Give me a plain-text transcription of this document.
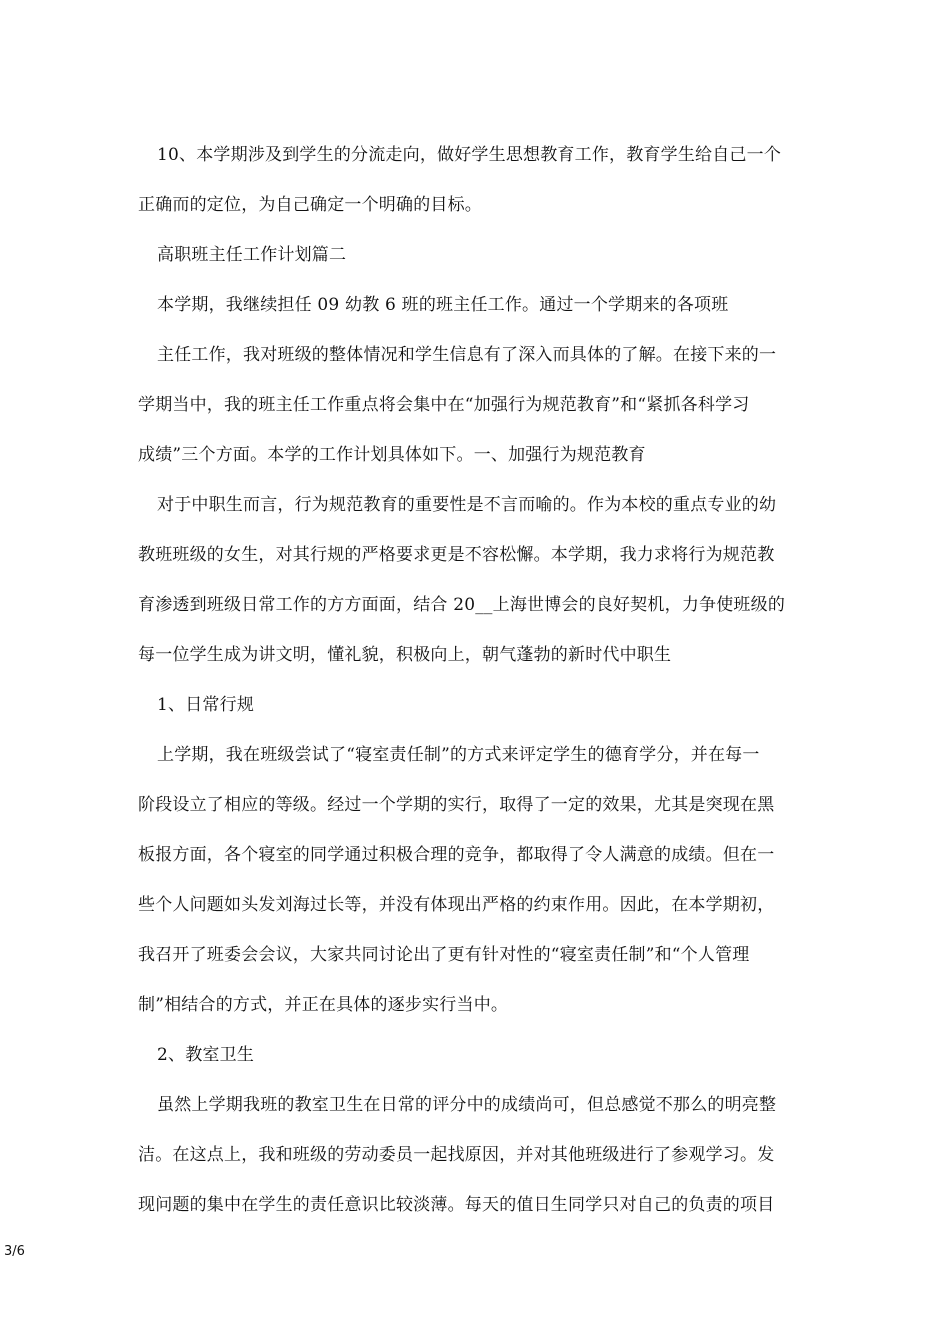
10、本学期涉及到学生的分流走向，做好学生思想教育工作，教育学生给自己一个
正确而的定位，为自己确定一个明确的目标。
高职班主任工作计划篇二
本学期，我继续担任 09 幼教 6 班的班主任工作。通过一个学期来的各项班
主任工作，我对班级的整体情况和学生信息有了深入而具体的了解。在接下来的一
学期当中，我的班主任工作重点将会集中在“加强行为规范教育”和“紧抓各科学习
成绩”三个方面。本学的工作计划具体如下。一、加强行为规范教育
对于中职生而言，行为规范教育的重要性是不言而喻的。作为本校的重点专业的幼
教班班级的女生，对其行规的严格要求更是不容松懈。本学期，我力求将行为规范教
育渗透到班级日常工作的方方面面，结合 20__上海世博会的良好契机，力争使班级的
每一位学生成为讲文明，懂礼貌，积极向上，朝气蓬勃的新时代中职生
1、日常行规
上学期，我在班级尝试了“寝室责任制”的方式来评定学生的德育学分，并在每一
阶段设立了相应的等级。经过一个学期的实行，取得了一定的效果，尤其是突现在黑
板报方面，各个寝室的同学通过积极合理的竞争，都取得了令人满意的成绩。但在一
些个人问题如头发刘海过长等，并没有体现出严格的约束作用。因此，在本学期初，
我召开了班委会会议，大家共同讨论出了更有针对性的“寝室责任制”和“个人管理
制”相结合的方式，并正在具体的逐步实行当中。
2、教室卫生
虽然上学期我班的教室卫生在日常的评分中的成绩尚可，但总感觉不那么的明亮整
洁。在这点上，我和班级的劳动委员一起找原因，并对其他班级进行了参观学习。发
现问题的集中在学生的责任意识比较淡薄。每天的值日生同学只对自己的负责的项目
3/6
